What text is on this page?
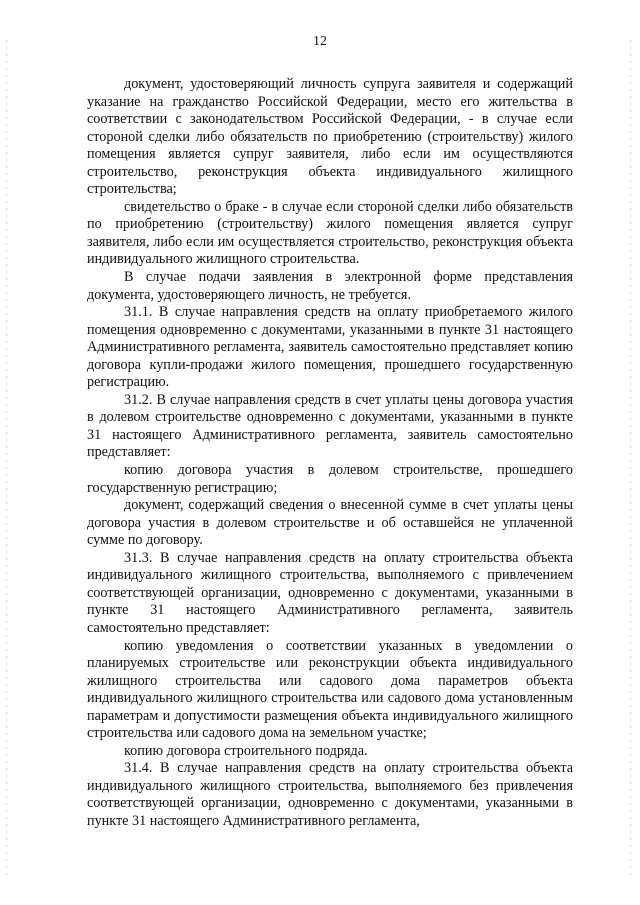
12

документ, удостоверяющий личность супруга заявителя и содержащий указание на гражданство Российской Федерации, место его жительства в соответствии с законодательством Российской Федерации, - в случае если стороной сделки либо обязательств по приобретению (строительству) жилого помещения является супруг заявителя, либо если им осуществляются строительство, реконструкция объекта индивидуального жилищного строительства;

свидетельство о браке - в случае если стороной сделки либо обязательств по приобретению (строительству) жилого помещения является супруг заявителя, либо если им осуществляется строительство, реконструкция объекта индивидуального жилищного строительства.

В случае подачи заявления в электронной форме представления документа, удостоверяющего личность, не требуется.

31.1. В случае направления средств на оплату приобретаемого жилого помещения одновременно с документами, указанными в пункте 31 настоящего Административного регламента, заявитель самостоятельно представляет копию договора купли-продажи жилого помещения, прошедшего государственную регистрацию.

31.2. В случае направления средств в счет уплаты цены договора участия в долевом строительстве одновременно с документами, указанными в пункте 31 настоящего Административного регламента, заявитель самостоятельно представляет:

копию договора участия в долевом строительстве, прошедшего государственную регистрацию;

документ, содержащий сведения о внесенной сумме в счет уплаты цены договора участия в долевом строительстве и об оставшейся не уплаченной сумме по договору.

31.3. В случае направления средств на оплату строительства объекта индивидуального жилищного строительства, выполняемого с привлечением соответствующей организации, одновременно с документами, указанными в пункте 31 настоящего Административного регламента, заявитель самостоятельно представляет:

копию уведомления о соответствии указанных в уведомлении о планируемых строительстве или реконструкции объекта индивидуального жилищного строительства или садового дома параметров объекта индивидуального жилищного строительства или садового дома установленным параметрам и допустимости размещения объекта индивидуального жилищного строительства или садового дома на земельном участке;

копию договора строительного подряда.

31.4. В случае направления средств на оплату строительства объекта индивидуального жилищного строительства, выполняемого без привлечения соответствующей организации, одновременно с документами, указанными в пункте 31 настоящего Административного регламента,
